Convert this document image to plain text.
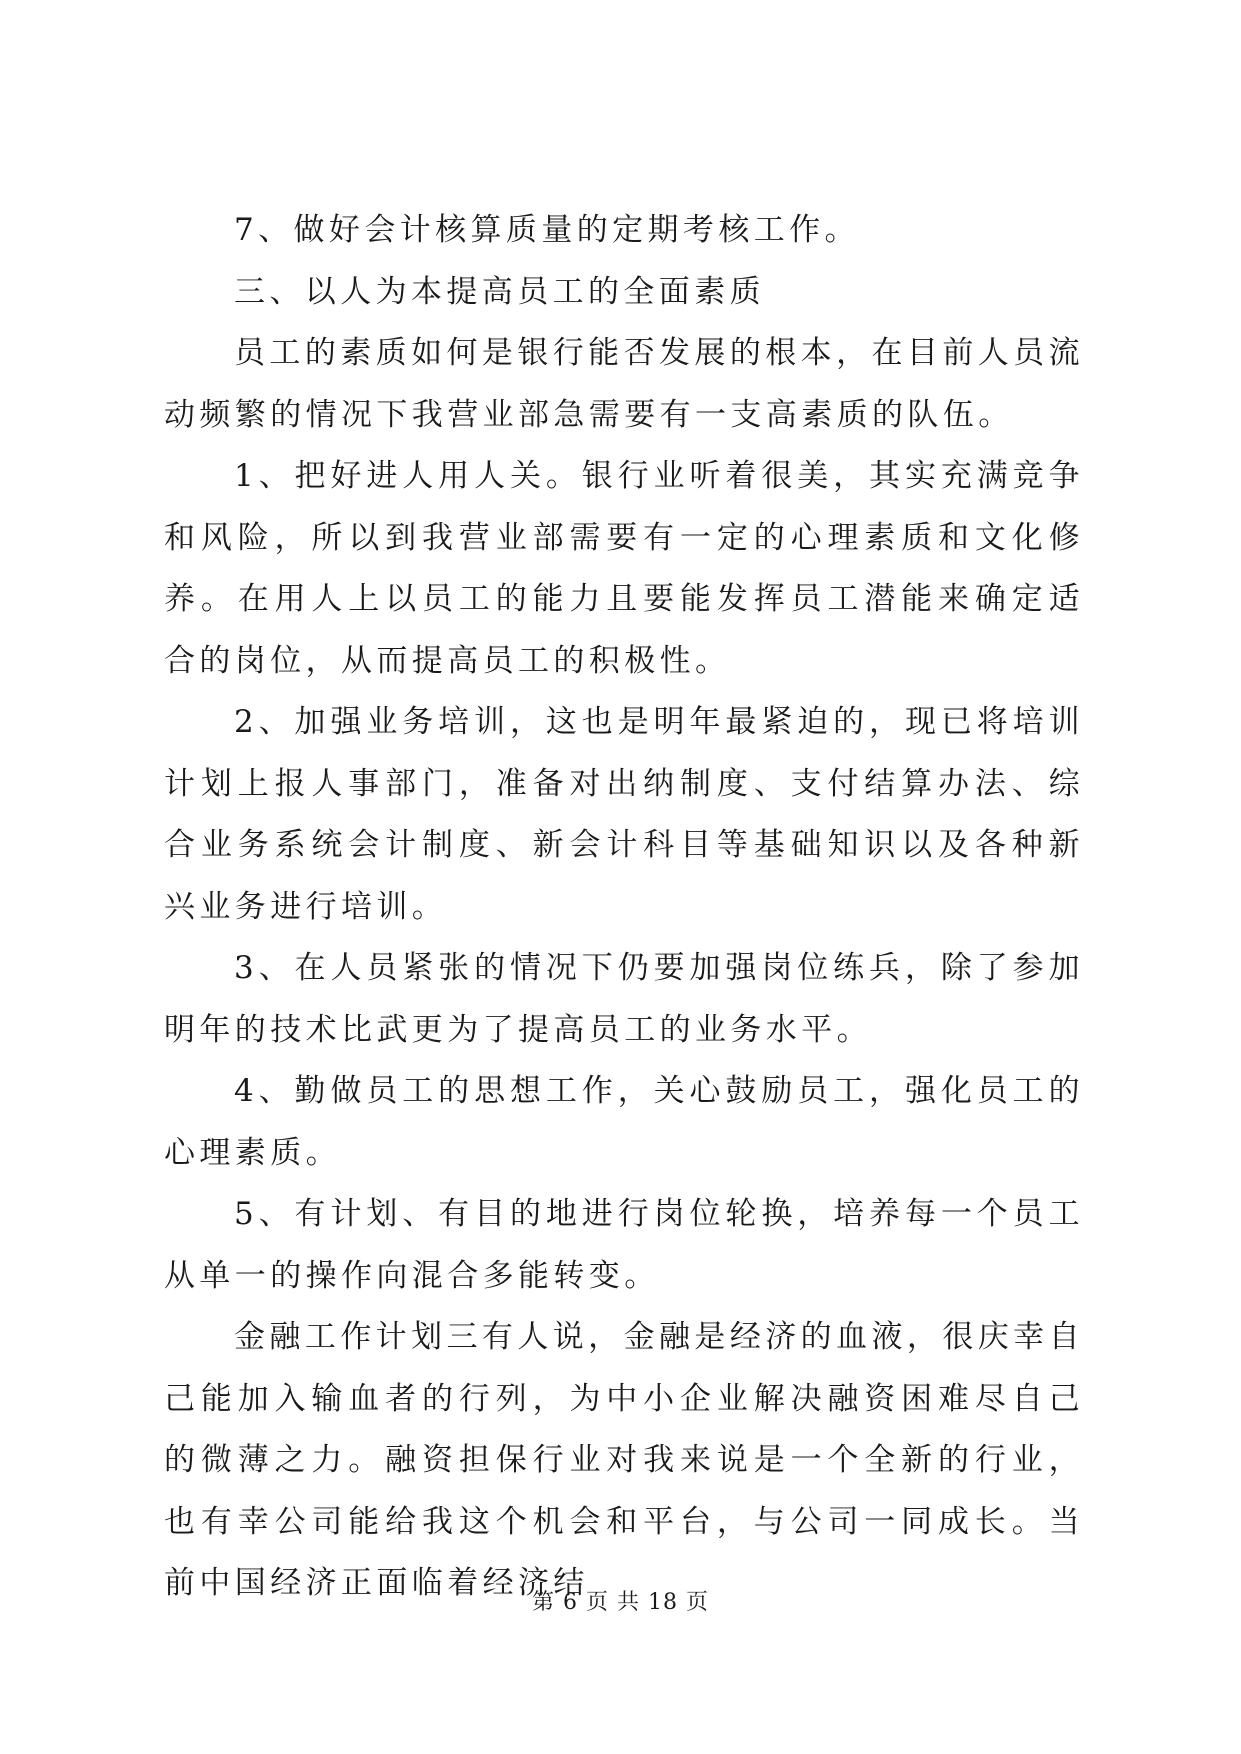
7、做好会计核算质量的定期考核工作。

三、以人为本提高员工的全面素质

员工的素质如何是银行能否发展的根本，在目前人员流动频繁的情况下我营业部急需要有一支高素质的队伍。

1、把好进人用人关。银行业听着很美，其实充满竞争和风险，所以到我营业部需要有一定的心理素质和文化修养。在用人上以员工的能力且要能发挥员工潜能来确定适合的岗位，从而提高员工的积极性。

2、加强业务培训，这也是明年最紧迫的，现已将培训计划上报人事部门，准备对出纳制度、支付结算办法、综合业务系统会计制度、新会计科目等基础知识以及各种新兴业务进行培训。

3、在人员紧张的情况下仍要加强岗位练兵，除了参加明年的技术比武更为了提高员工的业务水平。

4、勤做员工的思想工作，关心鼓励员工，强化员工的心理素质。

5、有计划、有目的地进行岗位轮换，培养每一个员工从单一的操作向混合多能转变。

金融工作计划三有人说，金融是经济的血液，很庆幸自己能加入输血者的行列，为中小企业解决融资困难尽自己的微薄之力。融资担保行业对我来说是一个全新的行业，也有幸公司能给我这个机会和平台，与公司一同成长。当前中国经济正面临着经济结

第 6 页 共 18 页
